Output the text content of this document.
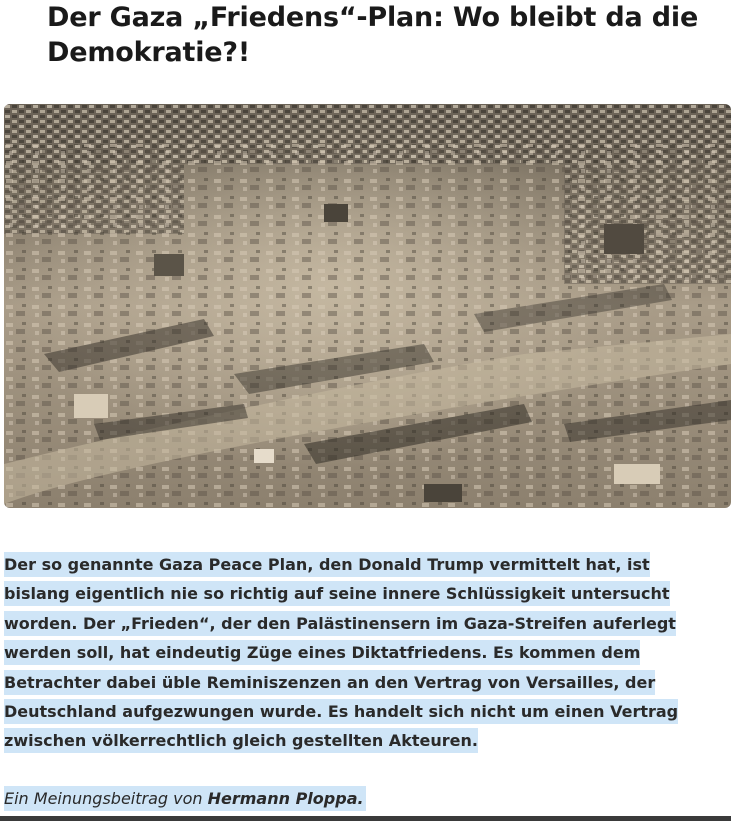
Der Gaza „Friedens“-Plan: Wo bleibt da die Demokratie?!

Der so genannte Gaza Peace Plan, den Donald Trump vermittelt hat, ist
bislang eigentlich nie so richtig auf seine innere Schlüssigkeit untersucht
worden. Der „Frieden“, der den Palästinensern im Gaza-Streifen auferlegt
werden soll, hat eindeutig Züge eines Diktatfriedens. Es kommen dem
Betrachter dabei üble Reminiszenzen an den Vertrag von Versailles, der
Deutschland aufgezwungen wurde. Es handelt sich nicht um einen Vertrag
zwischen völkerrechtlich gleich gestellten Akteuren.

Ein Meinungsbeitrag von Hermann Ploppa.
